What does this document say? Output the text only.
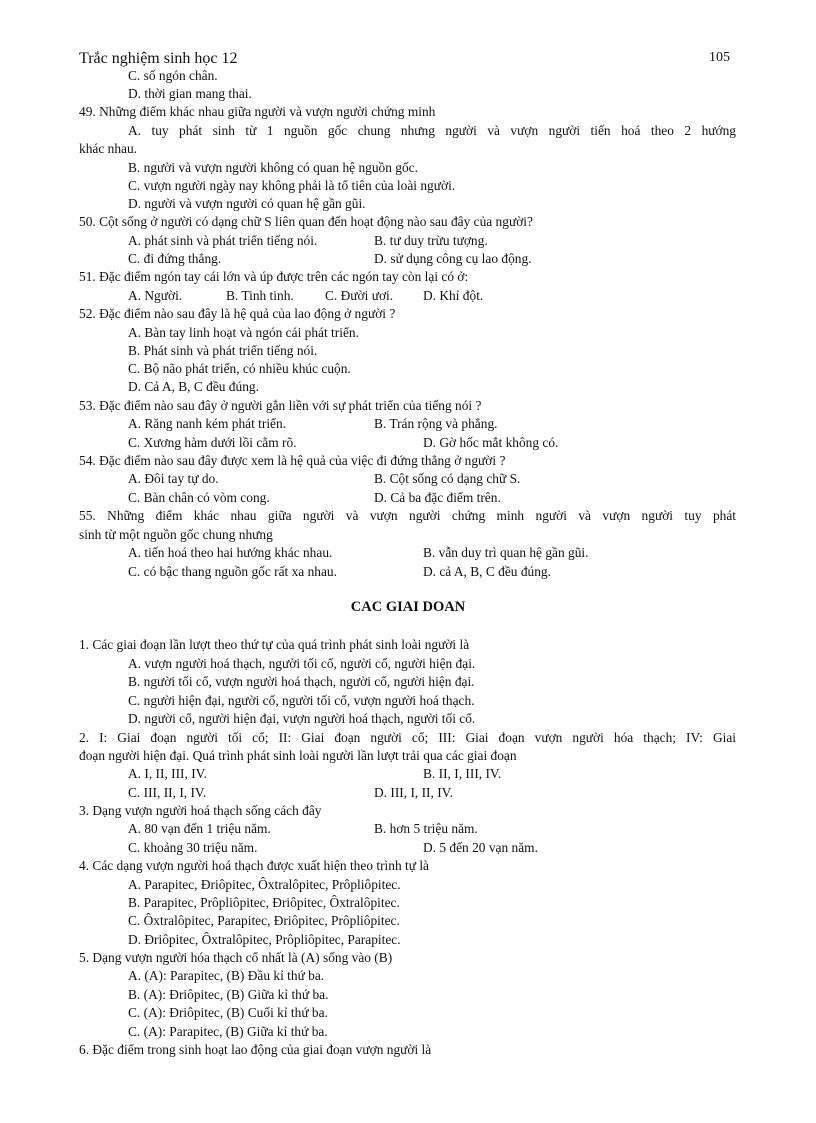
Trắc nghiệm sinh học 12	105
C. số ngón chân.
D. thời gian mang thai.
49. Những điểm khác nhau giữa người và vượn người chứng minh
A. tuy phát sinh từ 1 nguồn gốc chung nhưng người và vượn người tiến hoá theo 2 hướng
khác nhau.
B. người và vượn người không có quan hệ nguồn gốc.
C. vượn người ngày nay không phải là tổ tiên của loài người.
D. người và vượn người có quan hệ gần gũi.
50. Cột sống ở người có dạng chữ S liên quan đến hoạt động nào sau đây của người?
A. phát sinh và phát triển tiếng nói.	B. tư duy trừu tượng.
C. đi đứng thẳng.	D. sử dụng công cụ lao động.
51. Đặc điểm ngón tay cái lớn và úp được trên các ngón tay còn lại có ở:
A. Người.	B. Tinh tinh. C. Đười ươi. D. Khỉ đột.
52. Đặc điểm nào sau đây là hệ quả của lao động ở người ?
A. Bàn tay linh hoạt và ngón cái phát triển.
B. Phát sinh và phát triển tiếng nói.
C. Bộ não phát triển, có nhiều khúc cuộn.
D. Cả A, B, C đều đúng.
53. Đặc điểm nào sau đây ở người gắn liền với sự phát triển của tiếng nói ?
A. Răng nanh kém phát triển.	B. Trán rộng và phẳng.
C. Xương hàm dưới lồi cằm rõ.	D. Gờ hốc mắt không có.
54. Đặc điểm nào sau đây được xem là hệ quả của việc đi đứng thẳng ở người ?
A. Đôi tay tự do.	B. Cột sống có dạng chữ S.
C. Bàn chân có vòm cong.	D. Cả ba đặc điểm trên.
55. Những điểm khác nhau giữa người và vượn người chứng minh người và vượn người tuy phát
sinh từ một nguồn gốc chung nhưng
A. tiến hoá theo hai hướng khác nhau.	B. vẫn duy trì quan hệ gần gũi.
C. có bậc thang nguồn gốc rất xa nhau.	D. cả A, B, C đều đúng.
CAC GIAI DOAN
1. Các giai đoạn lần lượt theo thứ tự của quá trình phát sinh loài người là
A. vượn người hoá thạch, người tối cổ, người cổ, người hiện đại.
B. người tối cổ, vượn người hoá thạch, người cổ, người hiện đại.
C. người hiện đại, người cổ, người tối cổ, vượn người hoá thạch.
D. người cổ, người hiện đại, vượn người hoá thạch, người tối cổ.
2. I: Giai đoạn người tối cổ; II: Giai đoạn người cổ; III: Giai đoạn vượn người hóa thạch; IV: Giai
đoạn người hiện đại. Quá trình phát sinh loài người lần lượt trải qua các giai đoạn
A. I, II, III, IV.	B. II, I, III, IV.
C. III, II, I, IV.	D. III, I, II, IV.
3. Dạng vượn người hoá thạch sống cách đây
A. 80 vạn đến 1 triệu năm.	B. hơn 5 triệu năm.
C. khoảng 30 triệu năm.	D. 5 đến 20 vạn năm.
4. Các dạng vượn người hoá thạch được xuất hiện theo trình tự là
A. Parapitec, Đriôpitec, Ôxtralôpitec, Prôpliôpitec.
B. Parapitec, Prôpliôpitec, Đriôpitec, Ôxtralôpitec.
C. Ôxtralôpitec, Parapitec, Đriôpitec, Prôpliôpitec.
D. Đriôpitec, Ôxtralôpitec, Prôpliôpitec, Parapitec.
5. Dạng vượn người hóa thạch cổ nhất là (A) sống vào (B)
A. (A): Parapitec, (B) Đầu kỉ thứ ba.
B. (A): Đriôpitec, (B) Giữa kỉ thứ ba.
C. (A): Đriôpitec, (B) Cuối kỉ thứ ba.
C. (A): Parapitec, (B) Giữa kỉ thứ ba.
6. Đặc điểm trong sinh hoạt lao động của giai đoạn vượn người là
